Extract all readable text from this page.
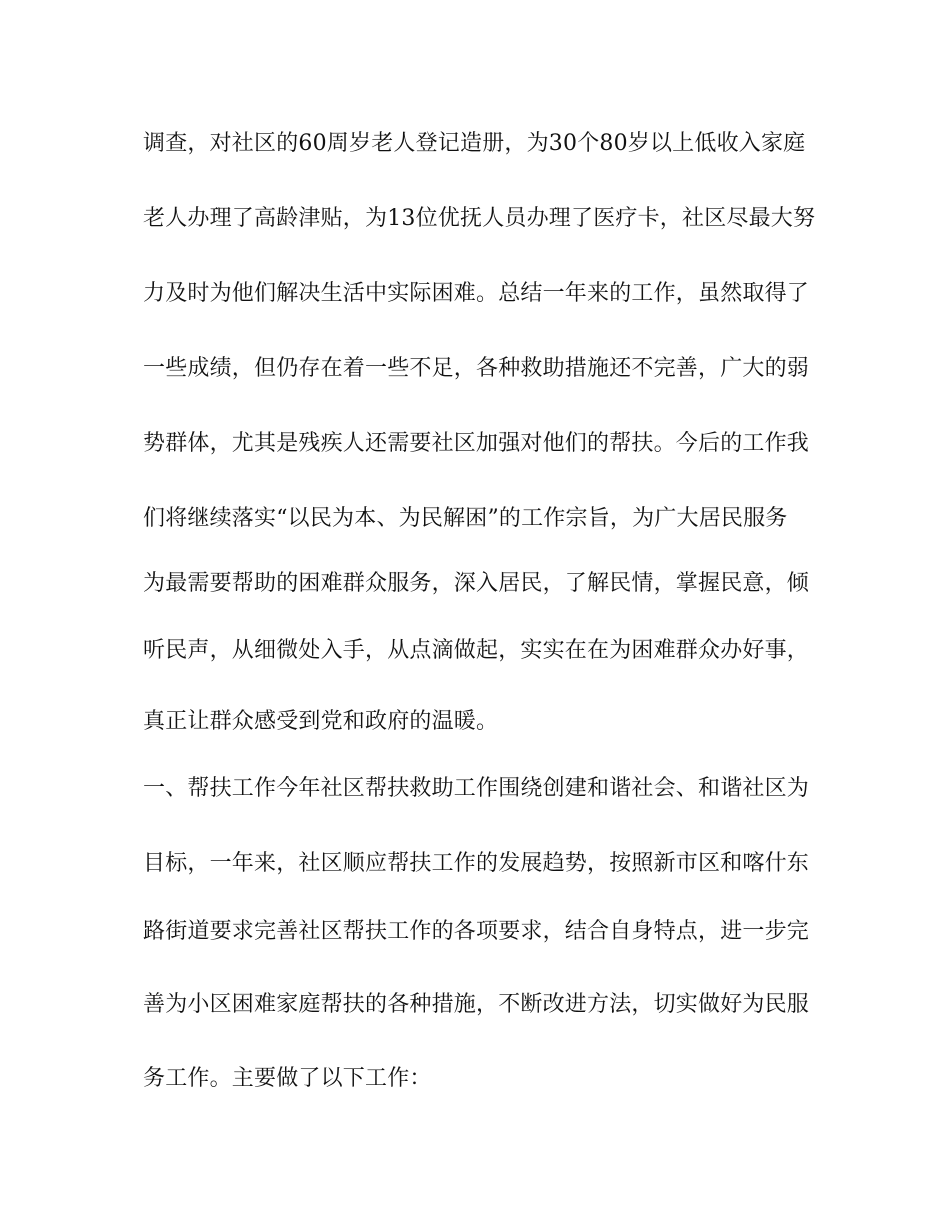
调查，对社区的60周岁老人登记造册，为30个80岁以上低收入家庭
老人办理了高龄津贴，为13位优抚人员办理了医疗卡，社区尽最大努
力及时为他们解决生活中实际困难。总结一年来的工作，虽然取得了
一些成绩，但仍存在着一些不足，各种救助措施还不完善，广大的弱
势群体，尤其是残疾人还需要社区加强对他们的帮扶。今后的工作我
们将继续落实“以民为本、为民解困”的工作宗旨，为广大居民服务
为最需要帮助的困难群众服务，深入居民，了解民情，掌握民意，倾
听民声，从细微处入手，从点滴做起，实实在在为困难群众办好事，
真正让群众感受到党和政府的温暖。
一、帮扶工作今年社区帮扶救助工作围绕创建和谐社会、和谐社区为
目标，一年来，社区顺应帮扶工作的发展趋势，按照新市区和喀什东
路街道要求完善社区帮扶工作的各项要求，结合自身特点，进一步完
善为小区困难家庭帮扶的各种措施，不断改进方法，切实做好为民服
务工作。主要做了以下工作：
